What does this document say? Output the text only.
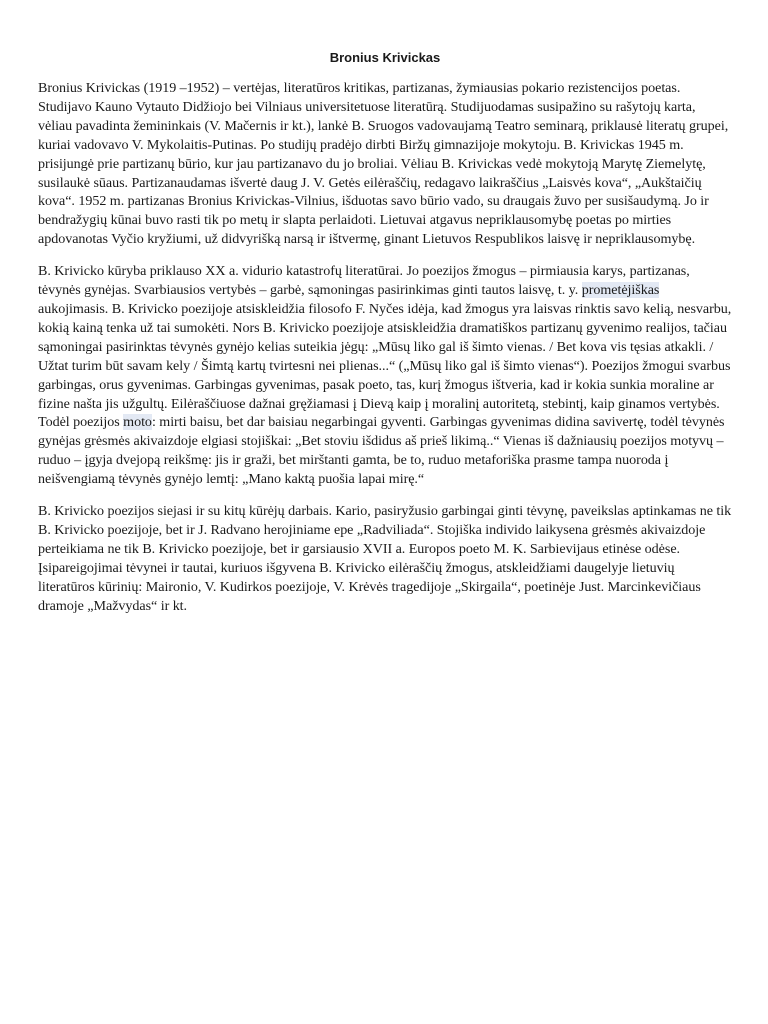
Bronius Krivickas

Bronius Krivickas (1919 –1952) – vertėjas, literatūros kritikas, partizanas, žymiausias pokario rezistencijos poetas. Studijavo Kauno Vytauto Didžiojo bei Vilniaus universitetuose literatūrą. Studijuodamas susipažino su rašytojų karta, vėliau pavadinta žemininkais (V. Mačernis ir kt.), lankė B. Sruogos vadovaujamą Teatro seminarą, priklausė literatų grupei, kuriai vadovavo V. Mykolaitis-Putinas. Po studijų pradėjo dirbti Biržų gimnazijoje mokytoju. B. Krivickas 1945 m. prisijungė prie partizanų būrio, kur jau partizanavo du jo broliai. Vėliau B. Krivickas vedė mokytoją Marytę Ziemelytę, susilaukė sūaus. Partizanaudamas išvertė daug J. V. Getės eilėraščių, redagavo laikraščius „Laisvės kova“, „Aukštaičių kova“. 1952 m. partizanas Bronius Krivickas-Vilnius, išduotas savo būrio vado, su draugais žuvo per susišaudymą. Jo ir bendražygių kūnai buvo rasti tik po metų ir slapta perlaidoti. Lietuvai atgavus nepriklausomybę poetas po mirties apdovanotas Vyčio kryžiumi, už didvyrišką narsą ir ištvermę, ginant Lietuvos Respublikos laisvę ir nepriklausomybę.

B. Krivicko kūryba priklauso XX a. vidurio katastrofų literatūrai. Jo poezijos žmogus – pirmiausia karys, partizanas, tėvynės gynėjas. Svarbiausios vertybės – garbė, sąmoningas pasirinkimas ginti tautos laisvę, t. y. prometėjiškas aukojimasis. B. Krivicko poezijoje atsiskleidžia filosofo F. Nyčes idėja, kad žmogus yra laisvas rinktis savo kelią, nesvarbu, kokią kainą tenka už tai sumokėti. Nors B. Krivicko poezijoje atsiskleidžia dramatiškos partizanų gyvenimo realijos, tačiau sąmoningai pasirinktas tėvynės gynėjo kelias suteikia jėgų: „Mūsų liko gal iš šimto vienas. / Bet kova vis tęsias atkakli. / Užtat turim būt savam kely / Šimtą kartų tvirtesni nei plienas...“ („Mūsų liko gal iš šimto vienas“). Poezijos žmogui svarbus garbingas, orus gyvenimas. Garbingas gyvenimas, pasak poeto, tas, kurį žmogus ištveria, kad ir kokia sunkia moraline ar fizine našta jis užgultų. Eilėraščiuose dažnai gręžiamasi į Dievą kaip į moralinį autoritetą, stebintį, kaip ginamos vertybės. Todėl poezijos moto: mirti baisu, bet dar baisiau negarbingai gyventi. Garbingas gyvenimas didina savivertę, todėl tėvynės gynėjas grėsmės akivaizdoje elgiasi stojiškai: „Bet stoviu išdidus aš prieš likimą..“ Vienas iš dažniausių poezijos motyvų – ruduo – įgyja dvejopą reikšmę: jis ir graži, bet mirštanti gamta, be to, ruduo metaforiška prasme tampa nuoroda į neišvengiamą tėvynės gynėjo lemtį: „Mano kaktą puošia lapai mirę.“

B. Krivicko poezijos siejasi ir su kitų kūrėjų darbais. Kario, pasiryžusio garbingai ginti tėvynę, paveikslas aptinkamas ne tik B. Krivicko poezijoje, bet ir J. Radvano herojiniame epe „Radviliada“. Stojiška individo laikysena grėsmės akivaizdoje perteikiama ne tik B. Krivicko poezijoje, bet ir garsiausio XVII a. Europos poeto M. K. Sarbievijaus etinėse odėse. Įsipareigojimai tėvynei ir tautai, kuriuos išgyvena B. Krivicko eilėraščių žmogus, atskleidžiami daugelyje lietuvių literatūros kūrinių: Maironio, V. Kudirkos poezijoje, V. Krėvės tragedijoje „Skirgaila“, poetinėje Just. Marcinkevičiaus dramoje „Mažvydas“ ir kt.
